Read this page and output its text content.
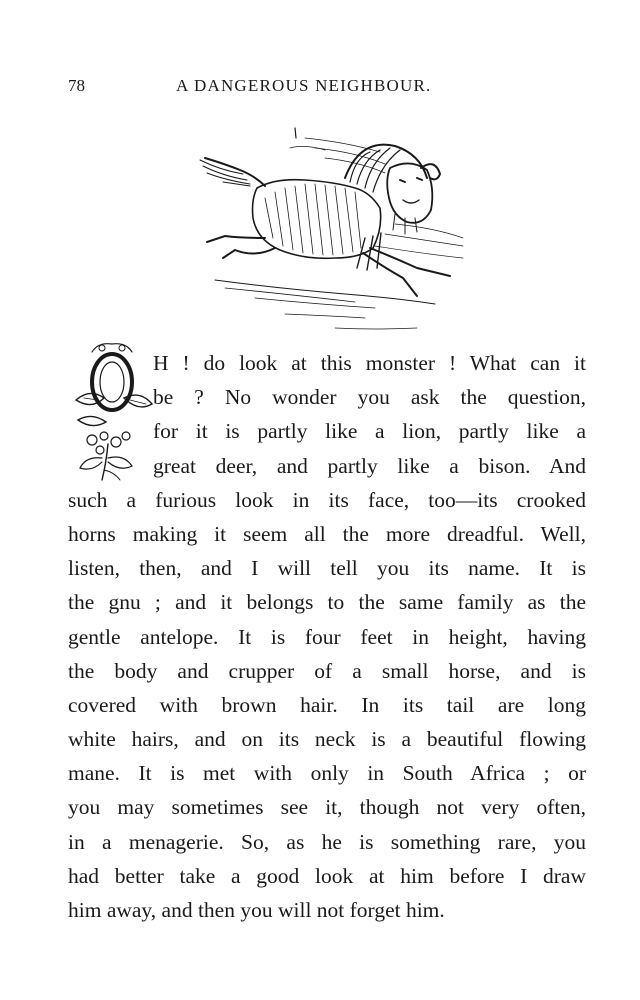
78	A DANGEROUS NEIGHBOUR.
H ! do look at this monster ! What can it
be ? No wonder you ask the question,
for it is partly like a lion, partly like a
great deer, and partly like a bison. And
such a furious look in its face, too—its crooked
horns making it seem all the more dreadful. Well,
listen, then, and I will tell you its name. It is
the gnu ; and it belongs to the same family as the
gentle antelope. It is four feet in height, having
the body and crupper of a small horse, and is
covered with brown hair. In its tail are long
white hairs, and on its neck is a beautiful flowing
mane. It is met with only in South Africa ; or
you may sometimes see it, though not very often,
in a menagerie. So, as he is something rare, you
had better take a good look at him before I draw
him away, and then you will not forget him.
